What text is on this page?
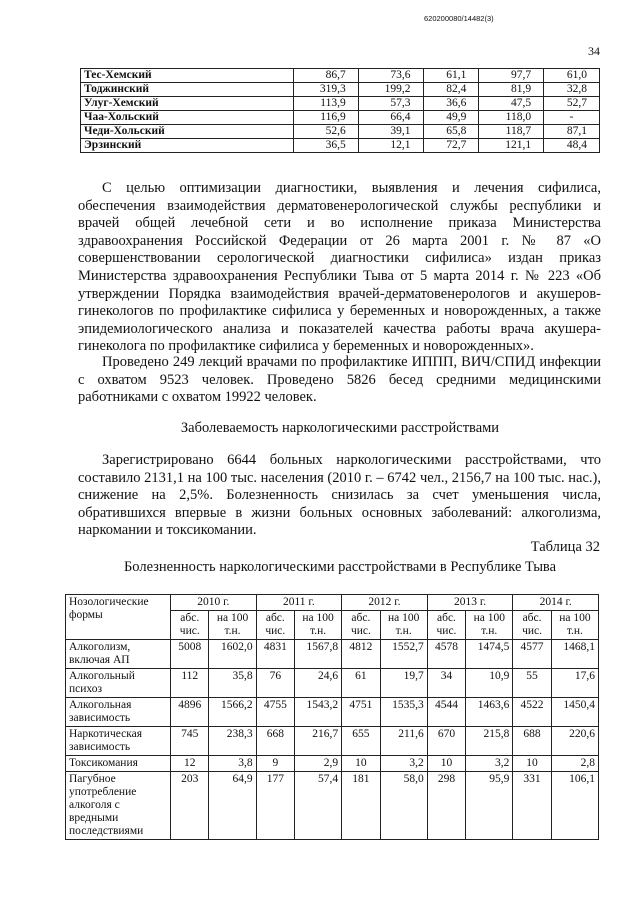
620200080/14482(3)
34
Тес-Хемский	86,7	73,6	61,1	97,7	61,0
Тоджинский	319,3	199,2	82,4	81,9	32,8
Улуг-Хемский	113,9	57,3	36,6	47,5	52,7
Чаа-Хольский	116,9	66,4	49,9	118,0	-
Чеди-Хольский	52,6	39,1	65,8	118,7	87,1
Эрзинский	36,5	12,1	72,7	121,1	48,4

С целью оптимизации диагностики, выявления и лечения сифилиса, обеспечения взаимодействия дерматовенерологической службы республики и врачей общей лечебной сети и во исполнение приказа Министерства здравоохранения Российской Федерации от 26 марта 2001 г. № 87 «О совершенствовании серологической диагностики сифилиса» издан приказ Министерства здравоохранения Республики Тыва от 5 марта 2014 г. № 223 «Об утверждении Порядка взаимодействия врачей-дерматовенерологов и акушеров-гинекологов по профилактике сифилиса у беременных и новорожденных, а также эпидемиологического анализа и показателей качества работы врача акушера-гинеколога по профилактике сифилиса у беременных и новорожденных».

Проведено 249 лекций врачами по профилактике ИППП, ВИЧ/СПИД инфекции с охватом 9523 человек. Проведено 5826 бесед средними медицинскими работниками с охватом 19922 человек.

Заболеваемость наркологическими расстройствами

Зарегистрировано 6644 больных наркологическими расстройствами, что составило 2131,1 на 100 тыс. населения (2010 г. – 6742 чел., 2156,7 на 100 тыс. нас.), снижение на 2,5%. Болезненность снизилась за счет уменьшения числа, обратившихся впервые в жизни больных основных заболеваний: алкоголизма, наркомании и токсикомании.

Таблица 32
Болезненность наркологическими расстройствами в Республике Тыва
Нозологические формы	2010 г.		2011 г.		2012 г.		2013 г.		2014 г.	
	абс. чис.	на 100 т.н.	абс. чис.	на 100 т.н.	абс. чис.	на 100 т.н.	абс. чис.	на 100 т.н.	абс. чис.	на 100 т.н.
Алкоголизм, включая АП	5008	1602,0	4831	1567,8	4812	1552,7	4578	1474,5	4577	1468,1
Алкогольный психоз	112	35,8	76	24,6	61	19,7	34	10,9	55	17,6
Алкогольная зависимость	4896	1566,2	4755	1543,2	4751	1535,3	4544	1463,6	4522	1450,4
Наркотическая зависимость	745	238,3	668	216,7	655	211,6	670	215,8	688	220,6
Токсикомания	12	3,8	9	2,9	10	3,2	10	3,2	10	2,8
Пагубное употребление алкоголя с вредными последствиями	203	64,9	177	57,4	181	58,0	298	95,9	331	106,1
